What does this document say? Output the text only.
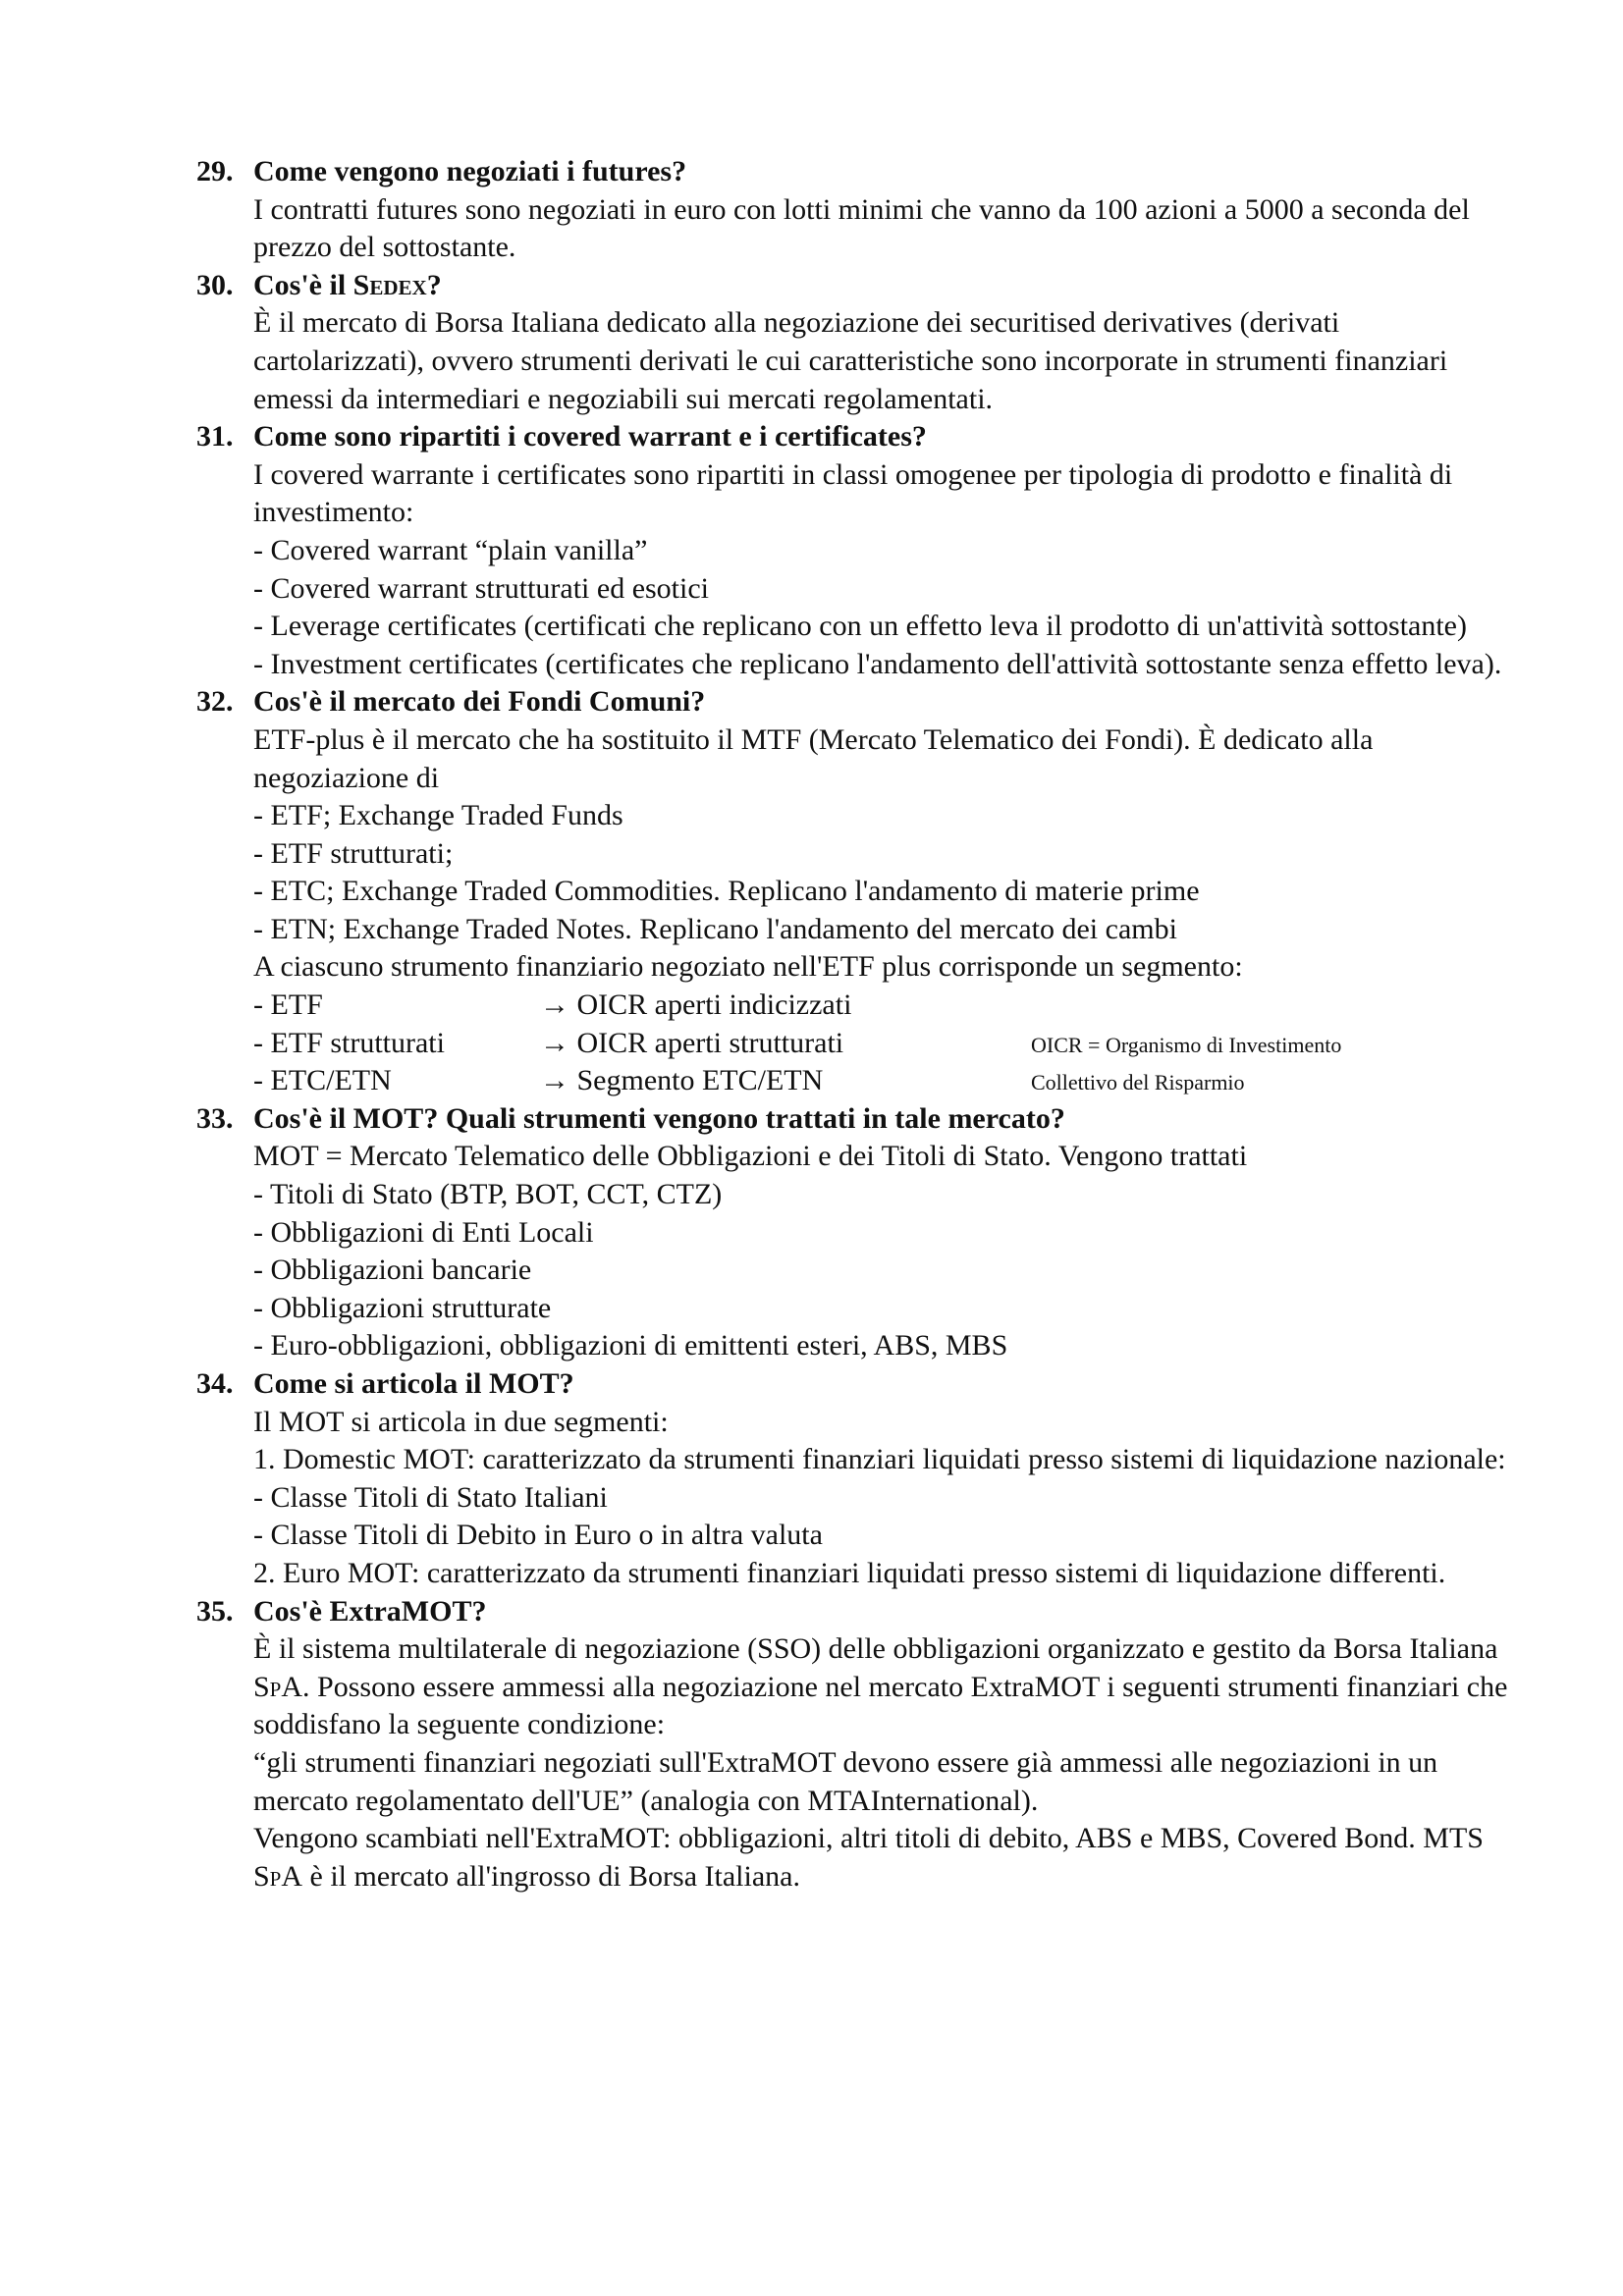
29. Come vengono negoziati i futures?

I contratti futures sono negoziati in euro con lotti minimi che vanno da 100 azioni a 5000 a seconda del prezzo del sottostante.

30. Cos'è il Sedex?

È il mercato di Borsa Italiana dedicato alla negoziazione dei securitised derivatives (derivati cartolarizzati), ovvero strumenti derivati le cui caratteristiche sono incorporate in strumenti finanziari emessi da intermediari e negoziabili sui mercati regolamentati.

31. Come sono ripartiti i covered warrant e i certificates?

I covered warrante i certificates sono ripartiti in classi omogenee per tipologia di prodotto e finalità di investimento:

- Covered warrant “plain vanilla”

- Covered warrant strutturati ed esotici

- Leverage certificates (certificati che replicano con un effetto leva il prodotto di un'attività sottostante)

- Investment certificates (certificates che replicano l'andamento dell'attività sottostante senza effetto leva).

32. Cos'è il mercato dei Fondi Comuni?

ETF-plus è il mercato che ha sostituito il MTF (Mercato Telematico dei Fondi). È dedicato alla negoziazione di

- ETF; Exchange Traded Funds

- ETF strutturati;

- ETC; Exchange Traded Commodities. Replicano l'andamento di materie prime

- ETN; Exchange Traded Notes. Replicano l'andamento del mercato dei cambi

A ciascuno strumento finanziario negoziato nell'ETF plus corrisponde un segmento:

- ETF	→ OICR aperti indicizzati
- ETF strutturati	→ OICR aperti strutturati	OICR = Organismo di Investimento
- ETC/ETN	→ Segmento ETC/ETN	Collettivo del Risparmio
33. Cos'è il MOT? Quali strumenti vengono trattati in tale mercato?

MOT = Mercato Telematico delle Obbligazioni e dei Titoli di Stato. Vengono trattati

- Titoli di Stato (BTP, BOT, CCT, CTZ)

- Obbligazioni di Enti Locali

- Obbligazioni bancarie

- Obbligazioni strutturate

- Euro-obbligazioni, obbligazioni di emittenti esteri, ABS, MBS

34. Come si articola il MOT?

Il MOT si articola in due segmenti:

1. Domestic MOT: caratterizzato da strumenti finanziari liquidati presso sistemi di liquidazione nazionale:

- Classe Titoli di Stato Italiani

- Classe Titoli di Debito in Euro o in altra valuta

2. Euro MOT: caratterizzato da strumenti finanziari liquidati presso sistemi di liquidazione differenti.

35. Cos'è ExtraMOT?

È il sistema multilaterale di negoziazione (SSO) delle obbligazioni organizzato e gestito da Borsa Italiana SpA. Possono essere ammessi alla negoziazione nel mercato ExtraMOT i seguenti strumenti finanziari che soddisfano la seguente condizione:

“gli strumenti finanziari negoziati sull'ExtraMOT devono essere già ammessi alle negoziazioni in un mercato regolamentato dell'UE” (analogia con MTAInternational).

Vengono scambiati nell'ExtraMOT: obbligazioni, altri titoli di debito, ABS e MBS, Covered Bond. MTS SpA è il mercato all'ingrosso di Borsa Italiana.
